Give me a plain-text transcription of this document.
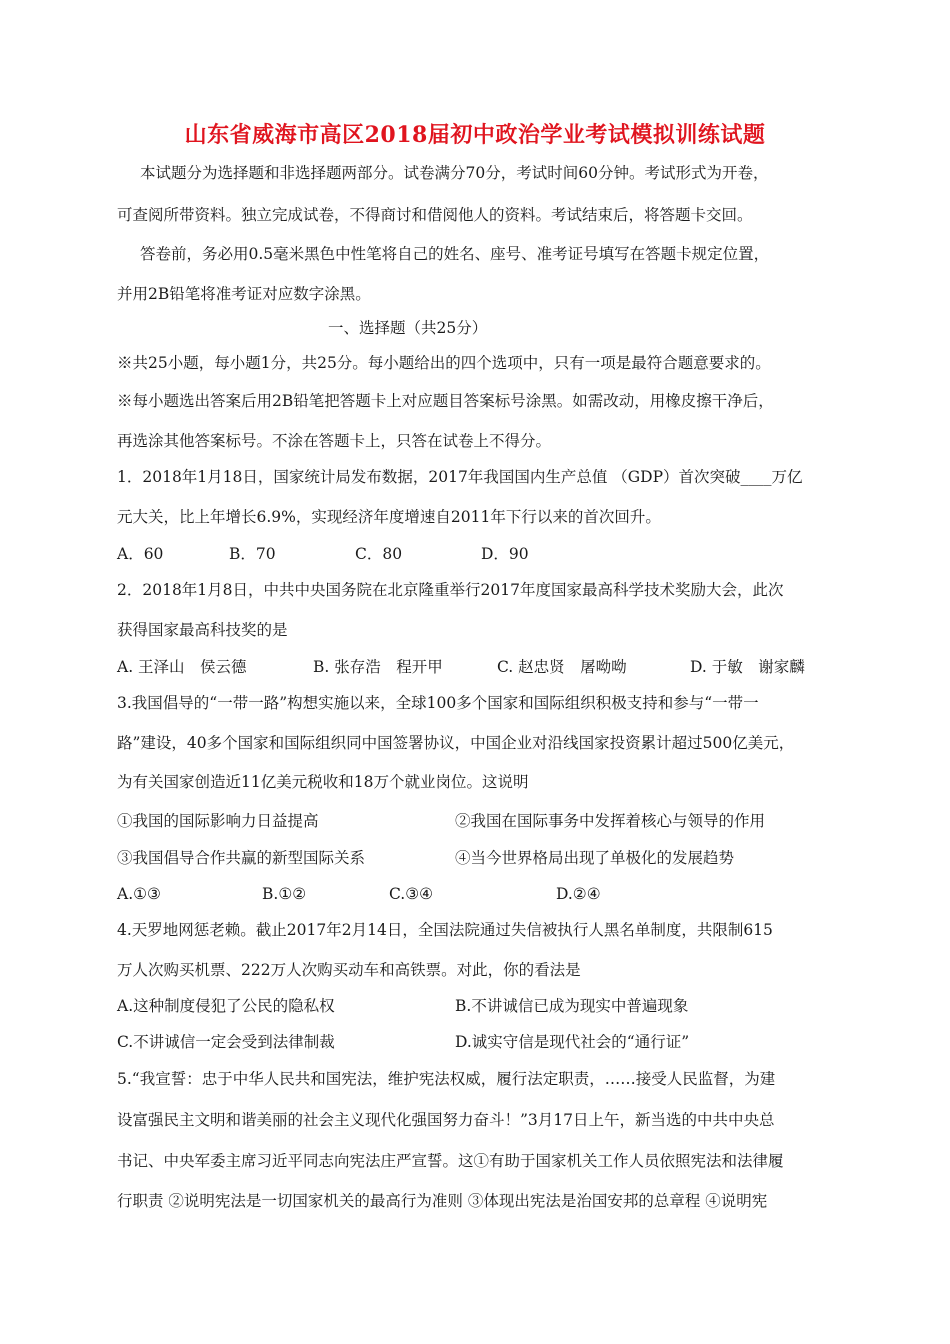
山东省威海市高区2018届初中政治学业考试模拟训练试题
本试题分为选择题和非选择题两部分。试卷满分70分，考试时间60分钟。考试形式为开卷，
可查阅所带资料。独立完成试卷，不得商讨和借阅他人的资料。考试结束后，将答题卡交回。
答卷前，务必用0.5毫米黑色中性笔将自己的姓名、座号、准考证号填写在答题卡规定位置，
并用2B铅笔将准考证对应数字涂黑。
一、选择题（共25分）
※共25小题，每小题1分，共25分。每小题给出的四个选项中，只有一项是最符合题意要求的。
※每小题选出答案后用2B铅笔把答题卡上对应题目答案标号涂黑。如需改动，用橡皮擦干净后，
再选涂其他答案标号。不涂在答题卡上，只答在试卷上不得分。
1．2018年1月18日，国家统计局发布数据，2017年我国国内生产总值 （GDP）首次突破____万亿
元大关，比上年增长6.9%，实现经济年度增速自2011年下行以来的首次回升。
A．60	B．70	C．80	D．90
2．2018年1月8日，中共中央国务院在北京隆重举行2017年度国家最高科学技术奖励大会，此次
获得国家最高科技奖的是
A. 王泽山　侯云德	B. 张存浩　程开甲	C. 赵忠贤　屠呦呦	D. 于敏　谢家麟
3.我国倡导的“一带一路”构想实施以来，全球100多个国家和国际组织积极支持和参与“一带一
路”建设，40多个国家和国际组织同中国签署协议，中国企业对沿线国家投资累计超过500亿美元，
为有关国家创造近11亿美元税收和18万个就业岗位。这说明
①我国的国际影响力日益提高	②我国在国际事务中发挥着核心与领导的作用
③我国倡导合作共赢的新型国际关系	④当今世界格局出现了单极化的发展趋势
A.①③	B.①②	C.③④	D.②④
4.天罗地网惩老赖。截止2017年2月14日，全国法院通过失信被执行人黑名单制度，共限制615
万人次购买机票、222万人次购买动车和高铁票。对此，你的看法是
A.这种制度侵犯了公民的隐私权	B.不讲诚信已成为现实中普遍现象
C.不讲诚信一定会受到法律制裁	D.诚实守信是现代社会的“通行证”
5.“我宣誓：忠于中华人民共和国宪法，维护宪法权威，履行法定职责，……接受人民监督，为建
设富强民主文明和谐美丽的社会主义现代化强国努力奋斗！”3月17日上午，新当选的中共中央总
书记、中央军委主席习近平同志向宪法庄严宣誓。这①有助于国家机关工作人员依照宪法和法律履
行职责 ②说明宪法是一切国家机关的最高行为准则 ③体现出宪法是治国安邦的总章程 ④说明宪
